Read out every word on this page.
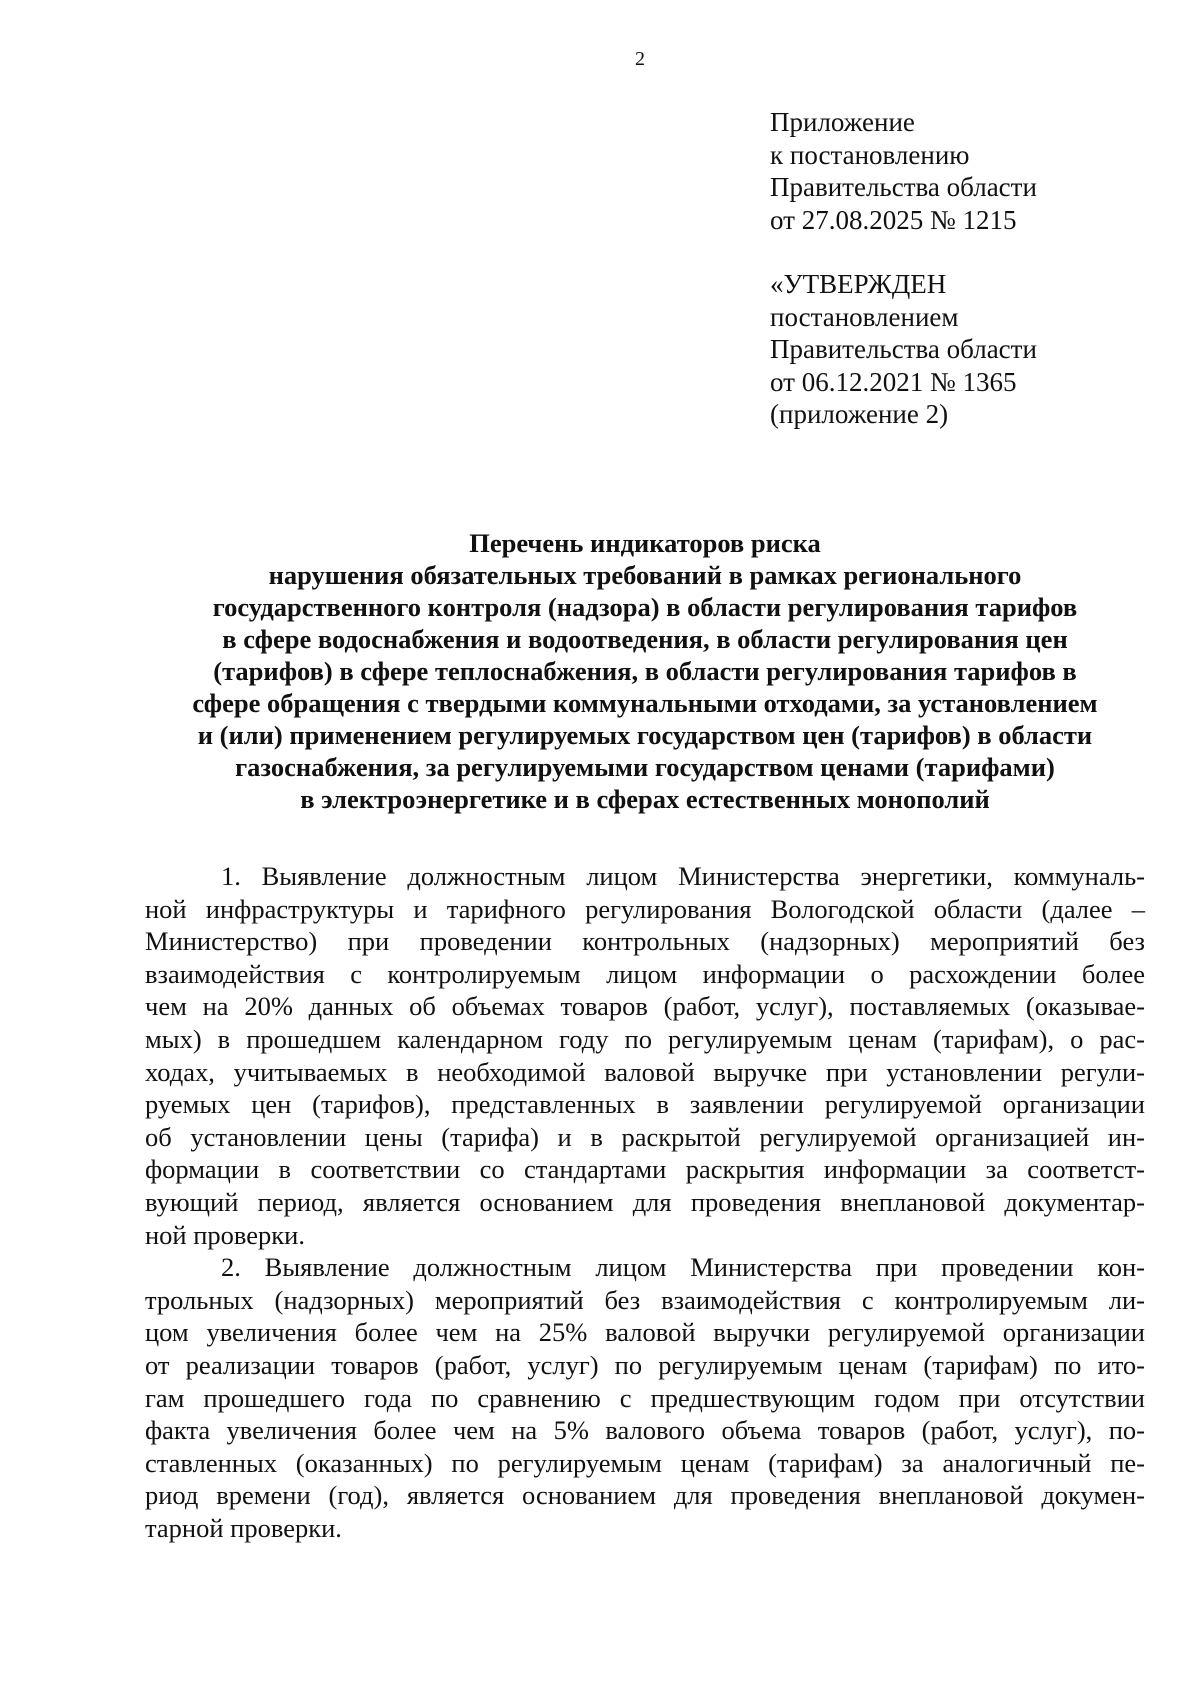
2
Приложение
к постановлению
Правительства области
от 27.08.2025 № 1215
«УТВЕРЖДЕН
постановлением
Правительства области
от 06.12.2021 № 1365
(приложение 2)
Перечень индикаторов риска
нарушения обязательных требований в рамках регионального
государственного контроля (надзора) в области регулирования тарифов
в сфере водоснабжения и водоотведения, в области регулирования цен
(тарифов) в сфере теплоснабжения, в области регулирования тарифов в
сфере обращения с твердыми коммунальными отходами, за установлением
и (или) применением регулируемых государством цен (тарифов) в области
газоснабжения, за регулируемыми государством ценами (тарифами)
в электроэнергетике и в сферах естественных монополий
1. Выявление должностным лицом Министерства энергетики, коммуналь-
ной инфраструктуры и тарифного регулирования Вологодской области (далее –
Министерство) при проведении контрольных (надзорных) мероприятий без
взаимодействия с контролируемым лицом информации о расхождении более
чем на 20% данных об объемах товаров (работ, услуг), поставляемых (оказывае-
мых) в прошедшем календарном году по регулируемым ценам (тарифам), о рас-
ходах, учитываемых в необходимой валовой выручке при установлении регули-
руемых цен (тарифов), представленных в заявлении регулируемой организации
об установлении цены (тарифа) и в раскрытой регулируемой организацией ин-
формации в соответствии со стандартами раскрытия информации за соответст-
вующий период, является основанием для проведения внеплановой документар-
ной проверки.
2. Выявление должностным лицом Министерства при проведении кон-
трольных (надзорных) мероприятий без взаимодействия с контролируемым ли-
цом увеличения более чем на 25% валовой выручки регулируемой организации
от реализации товаров (работ, услуг) по регулируемым ценам (тарифам) по ито-
гам прошедшего года по сравнению с предшествующим годом при отсутствии
факта увеличения более чем на 5% валового объема товаров (работ, услуг), по-
ставленных (оказанных) по регулируемым ценам (тарифам) за аналогичный пе-
риод времени (год), является основанием для проведения внеплановой докумен-
тарной проверки.
